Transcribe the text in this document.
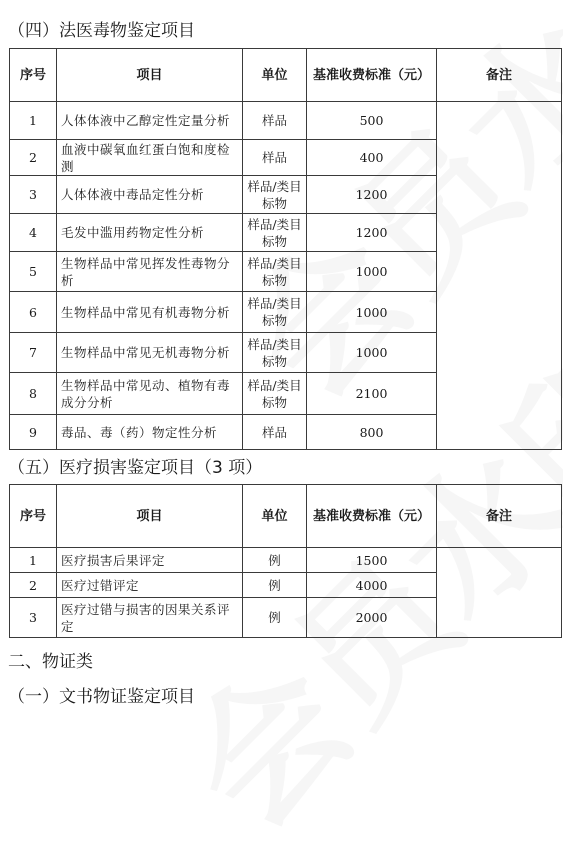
（四）法医毒物鉴定项目
序号	项目	单位	基准收费标准（元）	备注
1	人体体液中乙醇定性定量分析	样品	500	
2	血液中碳氧血红蛋白饱和度检测	样品	400	
3	人体体液中毒品定性分析	样品/类目标物	1200	
4	毛发中滥用药物定性分析	样品/类目标物	1200	
5	生物样品中常见挥发性毒物分析	样品/类目标物	1000	
6	生物样品中常见有机毒物分析	样品/类目标物	1000	
7	生物样品中常见无机毒物分析	样品/类目标物	1000	
8	生物样品中常见动、植物有毒成分分析	样品/类目标物	2100	
9	毒品、毒（药）物定性分析	样品	800	
（五）医疗损害鉴定项目（3 项）
序号	项目	单位	基准收费标准（元）	备注
1	医疗损害后果评定	例	1500	
2	医疗过错评定	例	4000	
3	医疗过错与损害的因果关系评定	例	2000	
二、物证类
（一）文书物证鉴定项目
